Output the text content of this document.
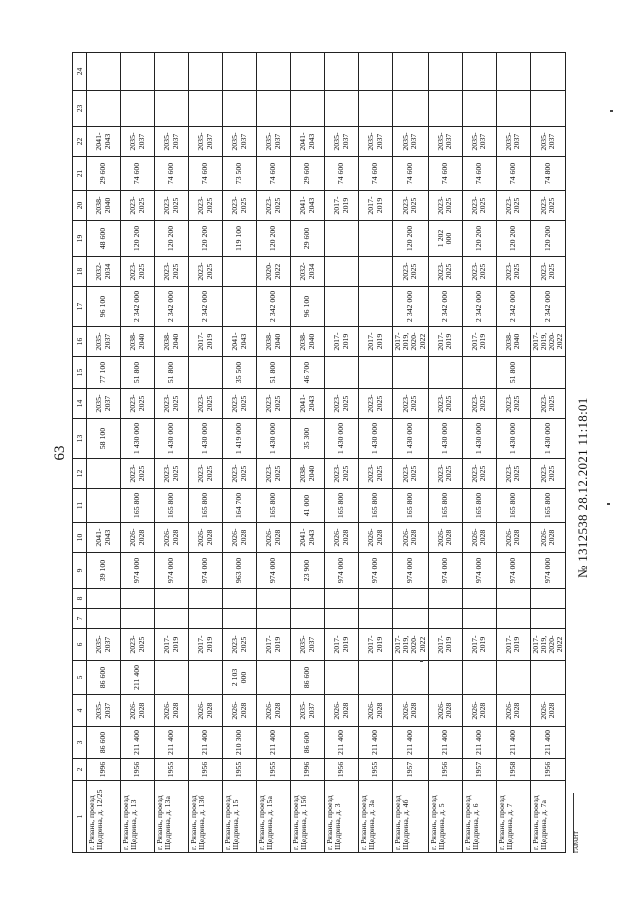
63
1	2	3	4	5	6	7	8	9	10	11	12	13	14	15	16	17	18	19	20	21	22	23	24
г. Рязань, проезд Щедрина, д. 12/25	1996	86 600	2035-2037	86 600	2035-2037			39 100	2041-2043			58 100	2035-2037	77 100	2035-2037	96 100	2032-2034	48 600	2038-2040	29 600	2041-2043		
г. Рязань, проезд Щедрина, д. 13	1956	211 400	2026-2028	211 400	2023-2025			974 000	2026-2028	165 800	2023-2025	1 430 000	2023-2025	51 800	2038-2040	2 342 000	2023-2025	120 200	2023-2025	74 600	2035-2037		
г. Рязань, проезд Щедрина, д. 13а	1955	211 400	2026-2028		2017-2019			974 000	2026-2028	165 800	2023-2025	1 430 000	2023-2025	51 800	2038-2040	2 342 000	2023-2025	120 200	2023-2025	74 600	2035-2037		
г. Рязань, проезд Щедрина, д. 13б	1956	211 400	2026-2028		2017-2019			974 000	2026-2028	165 800	2023-2025	1 430 000	2023-2025		2017-2019	2 342 000	2023-2025	120 200	2023-2025	74 600	2035-2037		
г. Рязань, проезд Щедрина, д. 15	1955	210 300	2026-2028	2 103 000	2023-2025			963 000	2026-2028	164 700	2023-2025	1 419 000	2023-2025	35 500	2041-2043			119 100	2023-2025	73 500	2035-2037		
г. Рязань, проезд Щедрина, д. 15а	1955	211 400	2026-2028		2017-2019			974 000	2026-2028	165 800	2023-2025	1 430 000	2023-2025	51 800	2038-2040	2 342 000	2020-2022	120 200	2023-2025	74 600	2035-2037		
г. Рязань, проезд Щедрина, д. 15б	1996	86 600	2035-2037	86 600	2035-2037			23 900	2041-2043	41 000	2038-2040	35 300	2041-2043	46 700	2038-2040	96 100	2032-2034	29 600	2041-2043	29 600	2041-2043		
г. Рязань, проезд Щедрина, д. 3	1956	211 400	2026-2028		2017-2019			974 000	2026-2028	165 800	2023-2025	1 430 000	2023-2025		2017-2019				2017-2019	74 600	2035-2037		
г. Рязань, проезд Щедрина, д. 3а	1955	211 400	2026-2028		2017-2019			974 000	2026-2028	165 800	2023-2025	1 430 000	2023-2025		2017-2019				2017-2019	74 600	2035-2037		
г. Рязань, проезд Щедрина, д. 4б	1957	211 400	2026-2028		2017-2019, 2020-2022			974 000	2026-2028	165 800	2023-2025	1 430 000	2023-2025		2017-2019, 2020-2022	2 342 000	2023-2025	120 200	2023-2025	74 600	2035-2037		
г. Рязань, проезд Щедрина, д. 5	1956	211 400	2026-2028		2017-2019			974 000	2026-2028	165 800	2023-2025	1 430 000	2023-2025		2017-2019	2 342 000	2023-2025	1 202 000	2023-2025	74 600	2035-2037		
г. Рязань, проезд Щедрина, д. 6	1957	211 400	2026-2028		2017-2019			974 000	2026-2028	165 800	2023-2025	1 430 000	2023-2025		2017-2019	2 342 000	2023-2025	120 200	2023-2025	74 600	2035-2037		
г. Рязань, проезд Щедрина, д. 7	1958	211 400	2026-2028		2017-2019			974 000	2026-2028	165 800	2023-2025	1 430 000	2023-2025	51 800	2038-2040	2 342 000	2023-2025	120 200	2023-2025	74 600	2035-2037		
г. Рязань, проезд Щедрина, д. 7а	1956	211 400	2026-2028		2017-2019, 2020-2022			974 000	2026-2028	165 800	2023-2025	1 430 000	2023-2025		2017-2019, 2020-2022	2 342 000	2023-2025	120 200	2023-2025	74 800	2035-2037		
ГАРАНТ
№ 1312538 28.12.2021 11:18:01
